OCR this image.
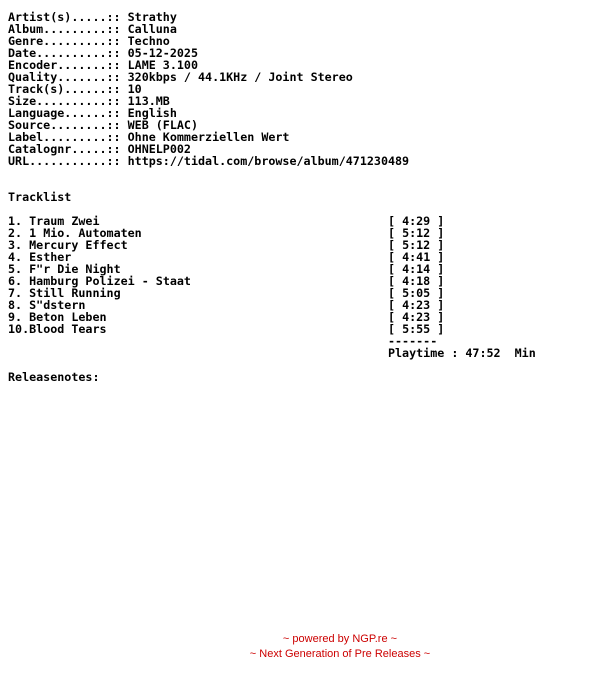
Artist(s).....:: Strathy
Album.........:: Calluna
Genre.........:: Techno
Date..........:: 05-12-2025
Encoder.......:: LAME 3.100
Quality.......:: 320kbps / 44.1KHz / Joint Stereo
Track(s)......:: 10
Size..........:: 113.MB
Language......:: English
Source........:: WEB (FLAC)
Label.........:: Ohne Kommerziellen Wert
Catalognr.....:: OHNELP002
URL...........:: https://tidal.com/browse/album/471230489

Tracklist

1. Traum Zwei	[ 4:29 ]
2. 1 Mio. Automaten	[ 5:12 ]
3. Mercury Effect	[ 5:12 ]
4. Esther	[ 4:41 ]
5. F"r Die Night	[ 4:14 ]
6. Hamburg Polizei - Staat	[ 4:18 ]
7. Still Running	[ 5:05 ]
8. S"dstern	[ 4:23 ]
9. Beton Leben	[ 4:23 ]
10.Blood Tears	[ 5:55 ]
-------
Playtime : 47:52  Min

Releasenotes:
~ powered by NGP.re ~
~ Next Generation of Pre Releases ~
